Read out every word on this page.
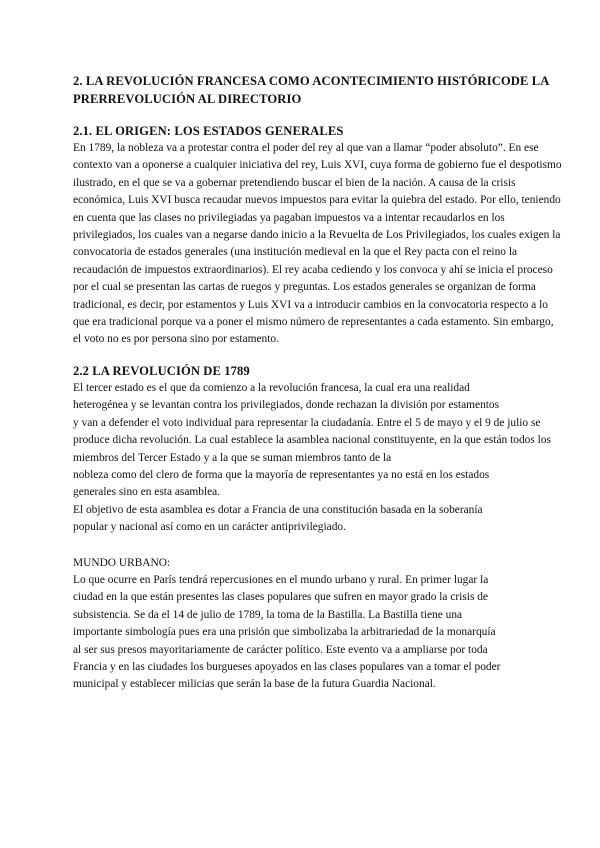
2. LA REVOLUCIÓN FRANCESA COMO ACONTECIMIENTO HISTÓRICODE LA
PRERREVOLUCIÓN AL DIRECTORIO
2.1. EL ORIGEN: LOS ESTADOS GENERALES

En 1789, la nobleza va a protestar contra el poder del rey al que van a llamar “poder absoluto”. En ese
contexto van a oponerse a cualquier iniciativa del rey, Luis XVI, cuya forma de gobierno fue el despotismo
ilustrado, en el que se va a gobernar pretendiendo buscar el bien de la nación. A causa de la crisis
económica, Luis XVI busca recaudar nuevos impuestos para evitar la quiebra del estado. Por ello, teniendo
en cuenta que las clases no privilegiadas ya pagaban impuestos va a intentar recaudarlos en los
privilegiados, los cuales van a negarse dando inicio a la Revuelta de Los Privilegiados, los cuales exigen la
convocatoria de estados generales (una institución medieval en la que el Rey pacta con el reino la
recaudación de impuestos extraordinarios). El rey acaba cediendo y los convoca y ahí se inicia el proceso
por el cual se presentan las cartas de ruegos y preguntas. Los estados generales se organizan de forma
tradicional, es decir, por estamentos y Luis XVI va a introducir cambios en la convocatoria respecto a lo
que era tradicional porque va a poner el mismo número de representantes a cada estamento. Sin embargo,
el voto no es por persona sino por estamento.

2.2 LA REVOLUCIÓN DE 1789

El tercer estado es el que da comienzo a la revolución francesa, la cual era una realidad
heterogénea y se levantan contra los privilegiados, donde rechazan la división por estamentos
y van a defender el voto individual para representar la ciudadanía. Entre el 5 de mayo y el 9 de julio se
produce dicha revolución. La cual establece la asamblea nacional constituyente, en la que están todos los
miembros del Tercer Estado y a la que se suman miembros tanto de la
nobleza como del clero de forma que la mayoría de representantes ya no está en los estados
generales sino en esta asamblea.
El objetivo de esta asamblea es dotar a Francia de una constitución basada en la soberanía
popular y nacional así como en un carácter antiprivilegiado.

MUNDO URBANO:

Lo que ocurre en París tendrá repercusiones en el mundo urbano y rural. En primer lugar la
ciudad en la que están presentes las clases populares que sufren en mayor grado la crisis de
subsistencia. Se da el 14 de julio de 1789, la toma de la Bastilla. La Bastilla tiene una
importante simbología pues era una prisión que simbolizaba la arbitrariedad de la monarquía
al ser sus presos mayoritariamente de carácter político. Este evento va a ampliarse por toda
Francia y en las ciudades los burgueses apoyados en las clases populares van a tomar el poder
municipal y establecer milicias que serán la base de la futura Guardia Nacional.
